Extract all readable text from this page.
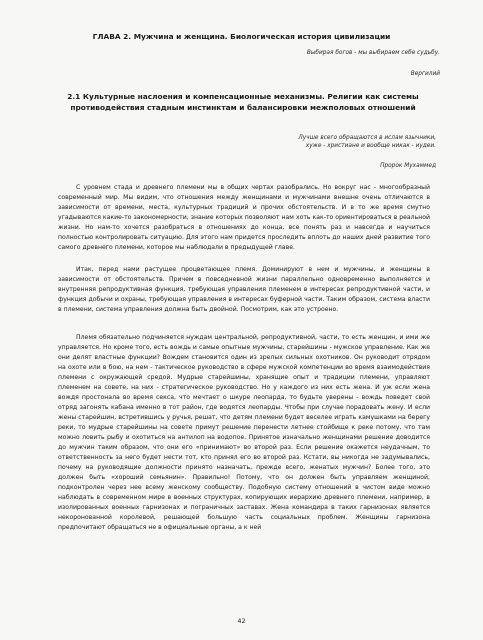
ГЛАВА 2. Мужчина и женщина. Биологическая история цивилизации
Выбирая богов - мы выбираем себе судьбу.
Вергилий
2.1 Культурные наслоения и компенсационные механизмы. Религии как системы противодействия стадным инстинктам и балансировки межполовых отношений
Лучше всего обращаются в ислам язычники,
хуже - христиане и вообще никак - иудеи.
Пророк Мухаммед

С уровнем стада и древнего племени мы в общих чертах разобрались. Но вокруг нас - многообразный современный мир. Мы видим, что отношения между женщинами и мужчинами внешне очень отличаются в зависимости от времени, места, культурных традиций и прочих обстоятельств. И в то же время смутно угадываются какие-то закономерности, знание которых позволяют нам хоть как-то ориентироваться в реальной жизни. Но нам-то хочется разобраться в отношениях до конца, все понять раз и навсегда и научиться полностью контролировать ситуацию. Для этого нам придется проследить вплоть до наших дней развитие того самого древнего племени, которое мы наблюдали в предыдущей главе.

Итак, перед нами растущее процветающее племя. Доминируют в нем и мужчины, и женщины в зависимости от обстоятельств. Причем в повседневной жизни параллельно одновременно выполняется и внутренняя репродуктивная функция, требующая управления племенем в интересах репродуктивной части, и функция добычи и охраны, требующая управления в интересах буферной части. Таким образом, система власти в племени, система управления должна быть двойной. Посмотрим, как это устроено.

Племя обязательно подчиняется нуждам центральной, репродуктивной, части, то есть женщин, и ими же управляется. Но кроме того, есть вождь и самые опытные мужчины, старейшины - мужское управление. Как же они делят властные функции? Вождем становится один из зрелых сильных охотников. Он руководит отрядом на охоте или в бою, на нем - тактическое руководство в сфере мужской компетенции во время взаимодействия племени с окружающей средой. Мудрые старейшины, хранящие опыт и традиции племени, управляют племенем на совете, на них - стратегическое руководство. Но у каждого из них есть жена. И уж если жена вождя простонала во время секса, что мечтает о шкуре леопарда, то будьте уверены - вождь поведет свой отряд загонять кабана именно в тот район, где водятся леопарды. Чтобы при случае порадовать жену. И если жены старейшин, встретившись у ручья, решат, что детям племени будет веселее играть камушками на берегу реки, то мудрые старейшины на совете примут решение перенести летнее стойбище к реке потому, что там можно ловить рыбу и охотиться на антилоп на водопое. Принятое изначально женщинами решение доводится до мужчин таким образом, что они его «принимают» во второй раз. Если решение окажется неудачным, то ответственность за него будет нести тот, кто принял его во второй раз. Кстати, вы никогда не задумывались, почему на руководящие должности принято назначать, прежде всего, женатых мужчин? Более того, это должен быть «хороший семьянин». Правильно! Потому, что он должен быть управляем женщиной, подконтролен через нее всему женскому сообществу. Подобную систему отношений в чистом виде можно наблюдать в современном мире в военных структурах, копирующих иерархию древнего племени, например, в изолированных военных гарнизонах и пограничных заставах. Жена командира в таких гарнизонах является некоронованной королевой, решающей большую часть социальных проблем. Женщины гарнизона предпочитают обращаться не в официальные органы, а к ней

42
